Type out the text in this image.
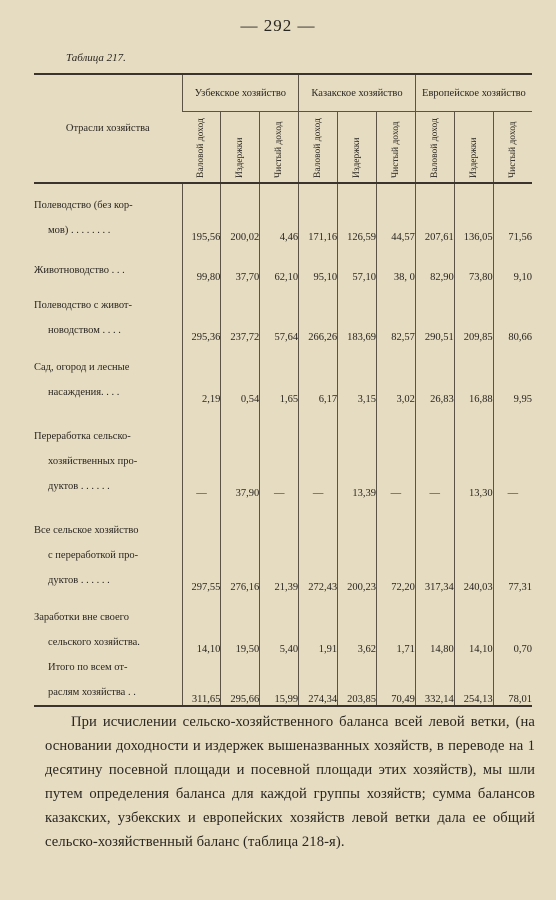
— 292 —
Таблица 217.
Отрасли хозяйства	Узбекское хозяйство			Казакское хозяйство			Европейское хозяйство		

	Валовой доход	Издержки	Чистый доход	Валовой доход	Издержки	Чистый доход	Валовой доход	Издержки	Чистый доход

Полеводство (без кор-
мов) . . . . . . . .	195,56	200,02	4,46	171,16	126,59	44,57	207,61	136,05	71,56

Животноводство . . .	99,80	37,70	62,10	95,10	57,10	38, 0	82,90	73,80	9,10

Полеводство с живот-
новодством . . . .	295,36	237,72	57,64	266,26	183,69	82,57	290,51	209,85	80,66

Сад, огород и лесные
насаждения. . . .	2,19	0,54	1,65	6,17	3,15	3,02	26,83	16,88	9,95

Переработка сельско-
хозяйственных про-
дуктов . . . . . .	—	37,90	—	—	13,39	—	—	13,30	—

Все сельское хозяйство
с переработкой про-
дуктов . . . . . .	297,55	276,16	21,39	272,43	200,23	72,20	317,34	240,03	77,31

Заработки вне своего
сельского хозяйства.	14,10	19,50	5,40	1,91	3,62	1,71	14,80	14,10	0,70

Итого по всем от-
раслям хозяйства . .	311,65	295,66	15,99	274,34	203,85	70,49	332,14	254,13	78,01

При исчислении сельско-хозяйственного баланса всей левой ветки, (на основании доходности и издержек вышеназванных хозяйств, в переводе на 1 десятину посевной площади и посевной площади этих хозяйств), мы шли путем определения баланса для каждой группы хозяйств; сумма балансов казакских, узбекских и европейских хозяйств левой ветки дала ее общий сельско-хозяйственный баланс (таблица 218-я).
